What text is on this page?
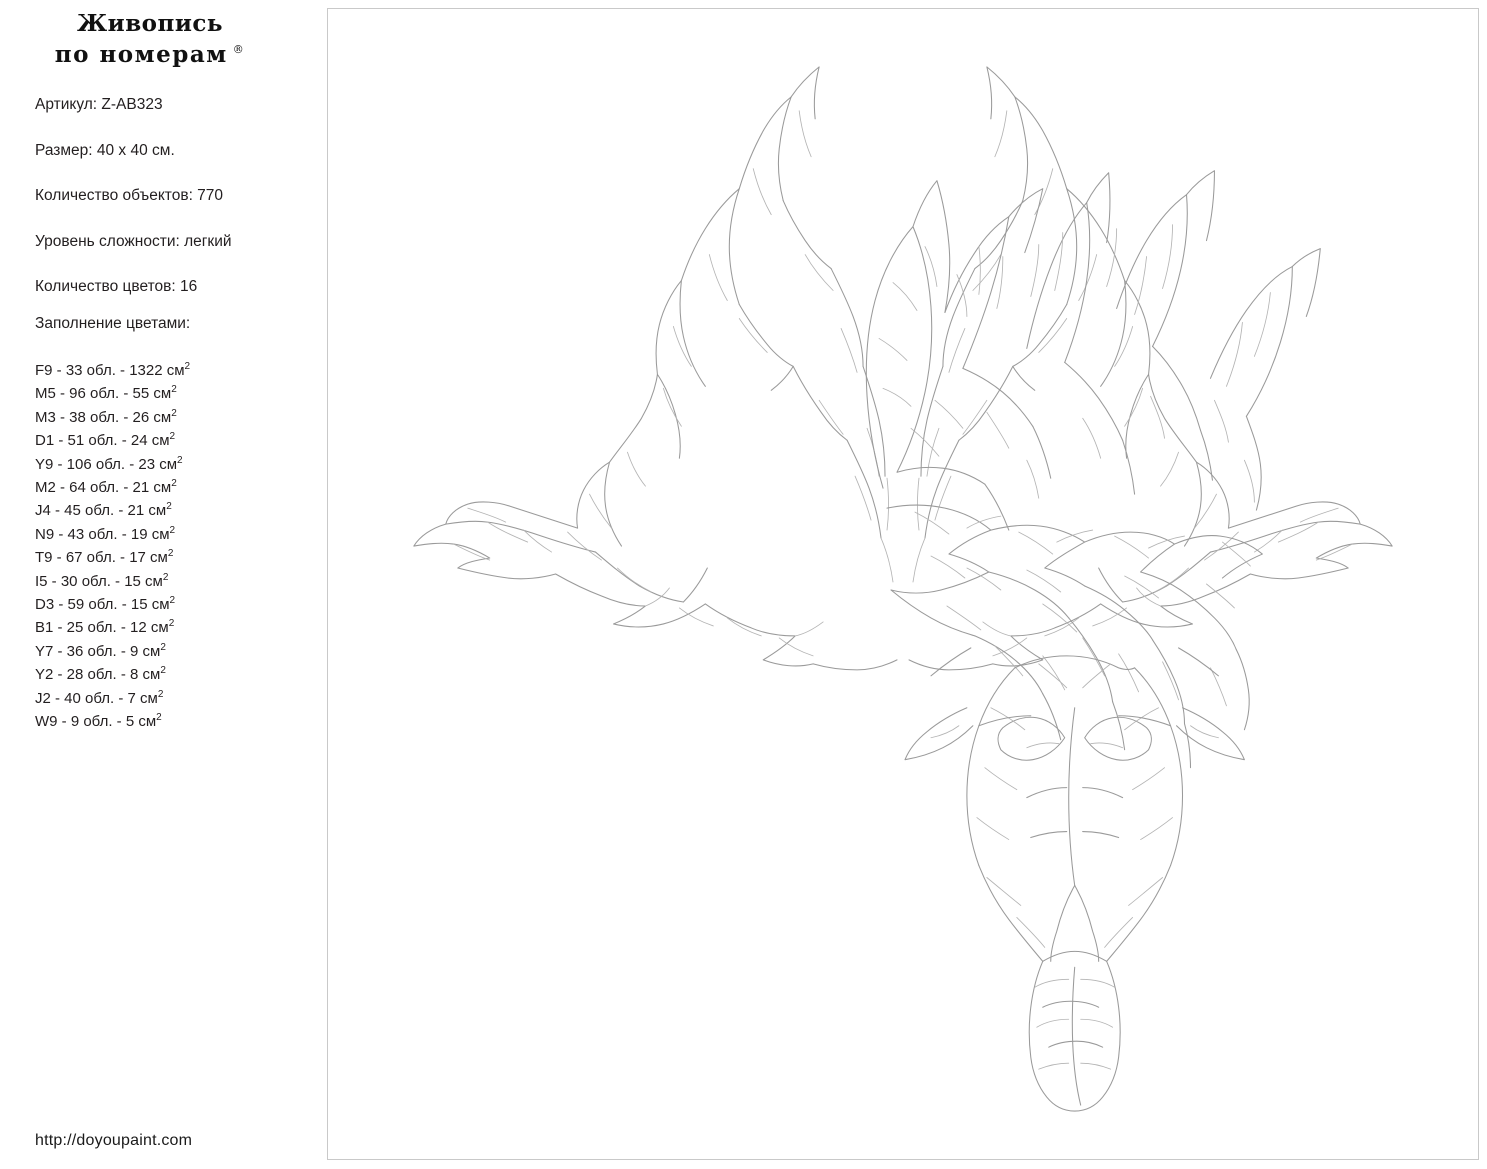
Живопись
по номерам ®
Артикул: Z-AB323
Размер: 40 x 40 см.
Количество объектов: 770
Уровень сложности: легкий
Количество цветов: 16
Заполнение цветами:
F9 - 33 обл. - 1322 $см^2$
M5 - 96 обл. - 55 $см^2$
M3 - 38 обл. - 26 $см^2$
D1 - 51 обл. - 24 $см^2$
Y9 - 106 обл. - 23 $см^2$
M2 - 64 обл. - 21 $см^2$
J4 - 45 обл. - 21 $см^2$
N9 - 43 обл. - 19 $см^2$
T9 - 67 обл. - 17 $см^2$
I5 - 30 обл. - 15 $см^2$
D3 - 59 обл. - 15 $см^2$
B1 - 25 обл. - 12 $см^2$
Y7 - 36 обл. - 9 $см^2$
Y2 - 28 обл. - 8 $см^2$
J2 - 40 обл. - 7 $см^2$
W9 - 9 обл. - 5 $см^2$
http://doyoupaint.com
